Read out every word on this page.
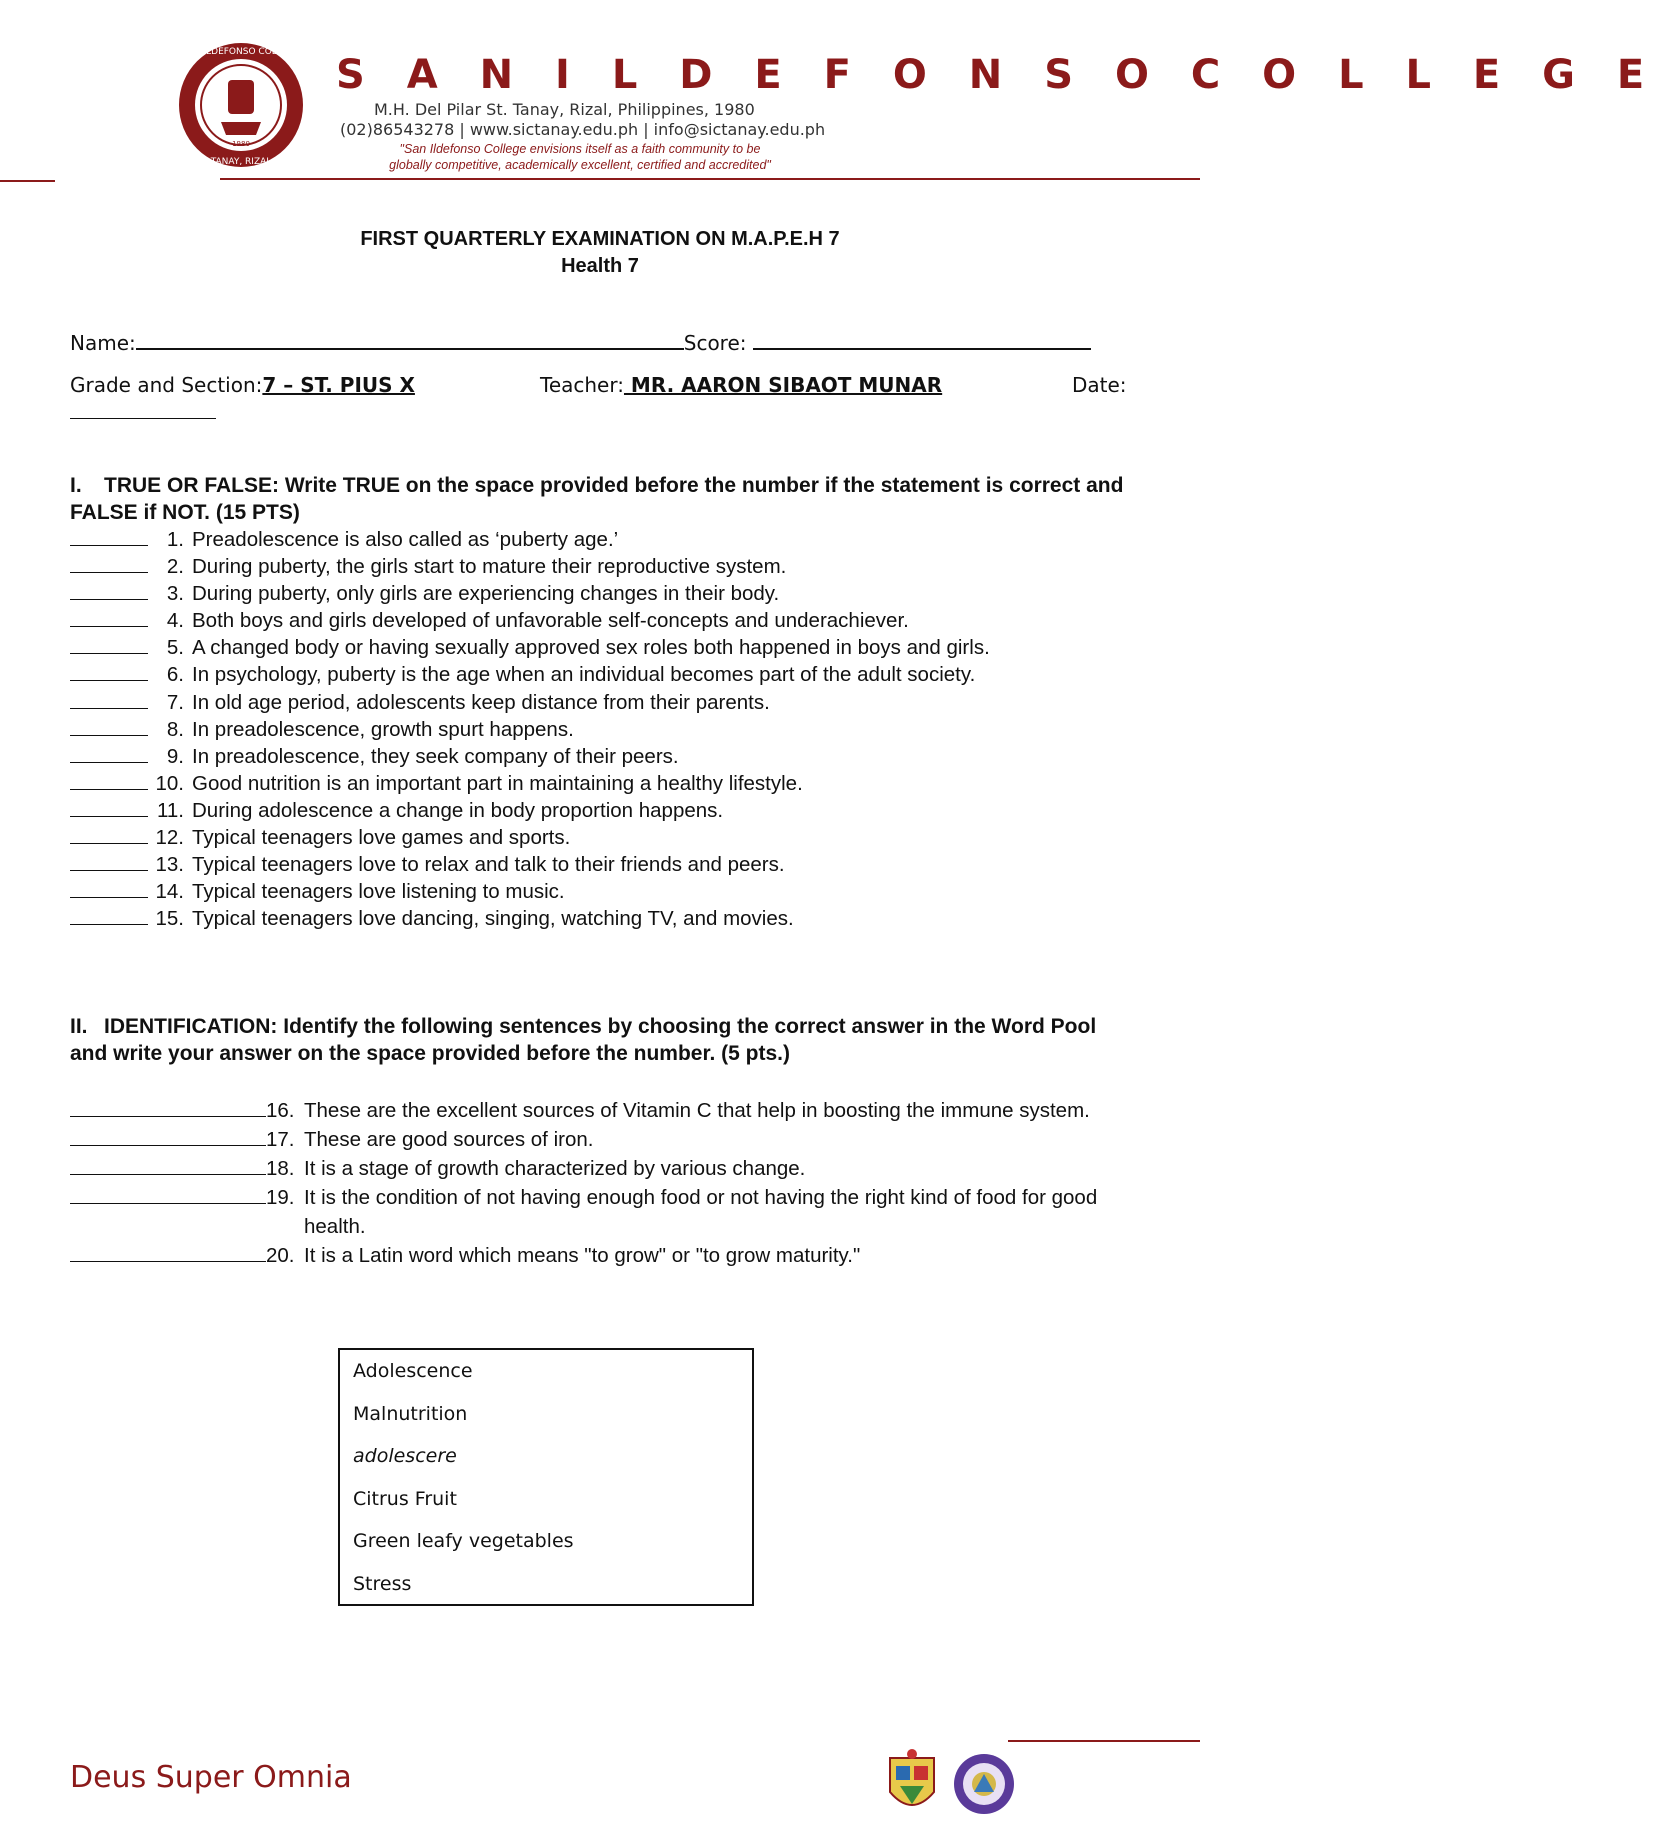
SAN ILDEFONSO COLLEGE
TANAY, RIZAL
1980
S A N I L D E F O N S O C O L L E G E
M.H. Del Pilar St. Tanay, Rizal, Philippines, 1980
(02)86543278 | www.sictanay.edu.ph | info@sictanay.edu.ph
"San Ildefonso College envisions itself as a faith community to be
globally competitive, academically excellent, certified and accredited"
FIRST QUARTERLY EXAMINATION ON M.A.P.E.H 7
Health 7
Name:	Score:
Grade and Section:7 – ST. PIUS X	Teacher: MR. AARON SIBAOT MUNAR	Date:
I. TRUE OR FALSE: Write TRUE on the space provided before the number if the statement is correct and FALSE if NOT. (15 PTS)
1. Preadolescence is also called as ‘puberty age.’
2. During puberty, the girls start to mature their reproductive system.
3. During puberty, only girls are experiencing changes in their body.
4. Both boys and girls developed of unfavorable self-concepts and underachiever.
5. A changed body or having sexually approved sex roles both happened in boys and girls.
6. In psychology, puberty is the age when an individual becomes part of the adult society.
7. In old age period, adolescents keep distance from their parents.
8. In preadolescence, growth spurt happens.
9. In preadolescence, they seek company of their peers.
10. Good nutrition is an important part in maintaining a healthy lifestyle.
11. During adolescence a change in body proportion happens.
12. Typical teenagers love games and sports.
13. Typical teenagers love to relax and talk to their friends and peers.
14. Typical teenagers love listening to music.
15. Typical teenagers love dancing, singing, watching TV, and movies.
II. IDENTIFICATION: Identify the following sentences by choosing the correct answer in the Word Pool and write your answer on the space provided before the number. (5 pts.)
16. These are the excellent sources of Vitamin C that help in boosting the immune system.
17. These are good sources of iron.
18. It is a stage of growth characterized by various change.
19. It is the condition of not having enough food or not having the right kind of food for good health.
20. It is a Latin word which means "to grow" or "to grow maturity."
Adolescence
Malnutrition
adolescere
Citrus Fruit
Green leafy vegetables
Stress
Deus Super Omnia
